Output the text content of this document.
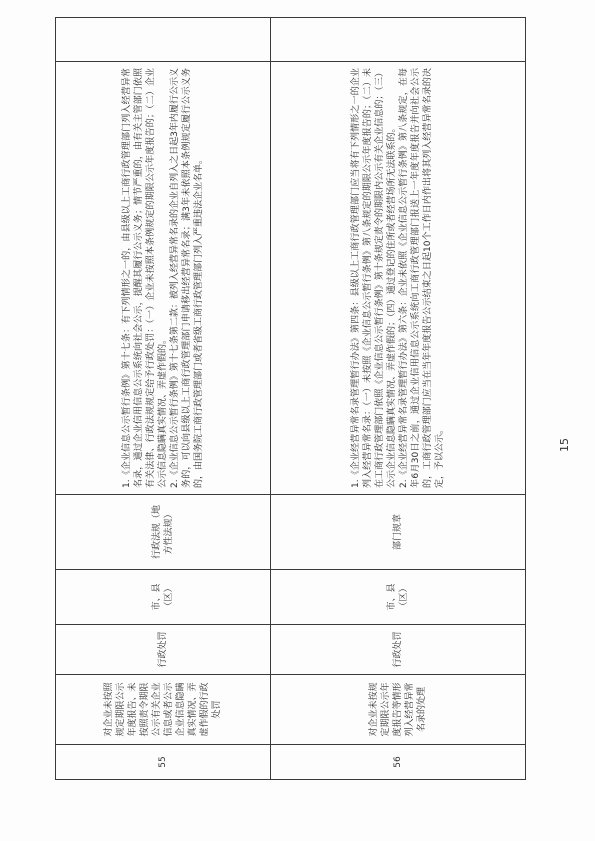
55	对企业未按照规定期限公示年度报告、未按照责令期限公示有关企业信息或者公示企业信息隐瞒真实情况、弄虚作假的行政处罚	行政处罚	市、县（区）	行政法规（地方性法规）	1.《企业信息公示暂行条例》第十七条：有下列情形之一的，由县级以上工商行政管理部门列入经营异常名录，通过企业信用信息公示系统向社会公示，提醒其履行公示义务；情节严重的，由有关主管部门依照有关法律、行政法规规定给予行政处罚：（一）企业未按照本条例规定的期限公示年度报告的；（二）企业公示信息隐瞒真实情况、弄虚作假的。 2.《企业信息公示暂行条例》第十七条第二款：被列入经营异常名录的企业自列入之日起3年内履行公示义务的，可以向县级以上工商行政管理部门申请移出经营异常名录；满3年未依照本条例规定履行公示义务的，由国务院工商行政管理部门或者省级工商行政管理部门列入严重违法企业名单。	

56	对企业未按规定期限公示年度报告等情形列入经营异常名录的处理	行政处罚	市、县（区）	部门规章	1.《企业经营异常名录管理暂行办法》第四条：县级以上工商行政管理部门应当将有下列情形之一的企业列入经营异常名录：（一）未按照《企业信息公示暂行条例》第八条规定的期限公示年度报告的；（二）未在工商行政管理部门依照《企业信息公示暂行条例》第十条规定责令的期限内公示有关企业信息的；（三）公示企业信息隐瞒真实情况、弄虚作假的；（四）通过登记的住所或者经营场所无法联系的。 2.《企业经营异常名录管理暂行办法》第六条：企业未依照《企业信息公示暂行条例》第八条规定，在每年6月30日之前，通过企业信用信息公示系统向工商行政管理部门报送上一年度年度报告并向社会公示的，工商行政管理部门应当在当年年度报告公示结束之日起10个工作日内作出将其列入经营异常名录的决定，予以公示。	

		15
